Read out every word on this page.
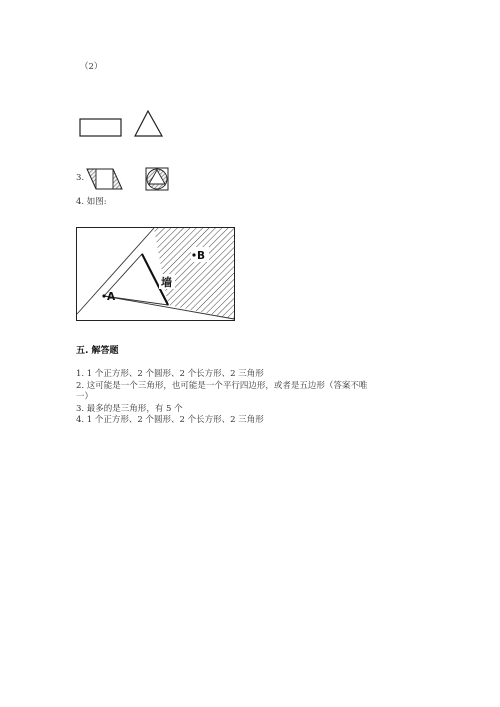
（2）
3.
4. 如图:
B
A
墙
五. 解答题
1. 1 个正方形、2 个圆形、2 个长方形、2 三角形
2. 这可能是一个三角形，也可能是一个平行四边形，或者是五边形（答案不唯
一）
3. 最多的是三角形，有 5 个
4. 1 个正方形、2 个圆形、2 个长方形、2 三角形
